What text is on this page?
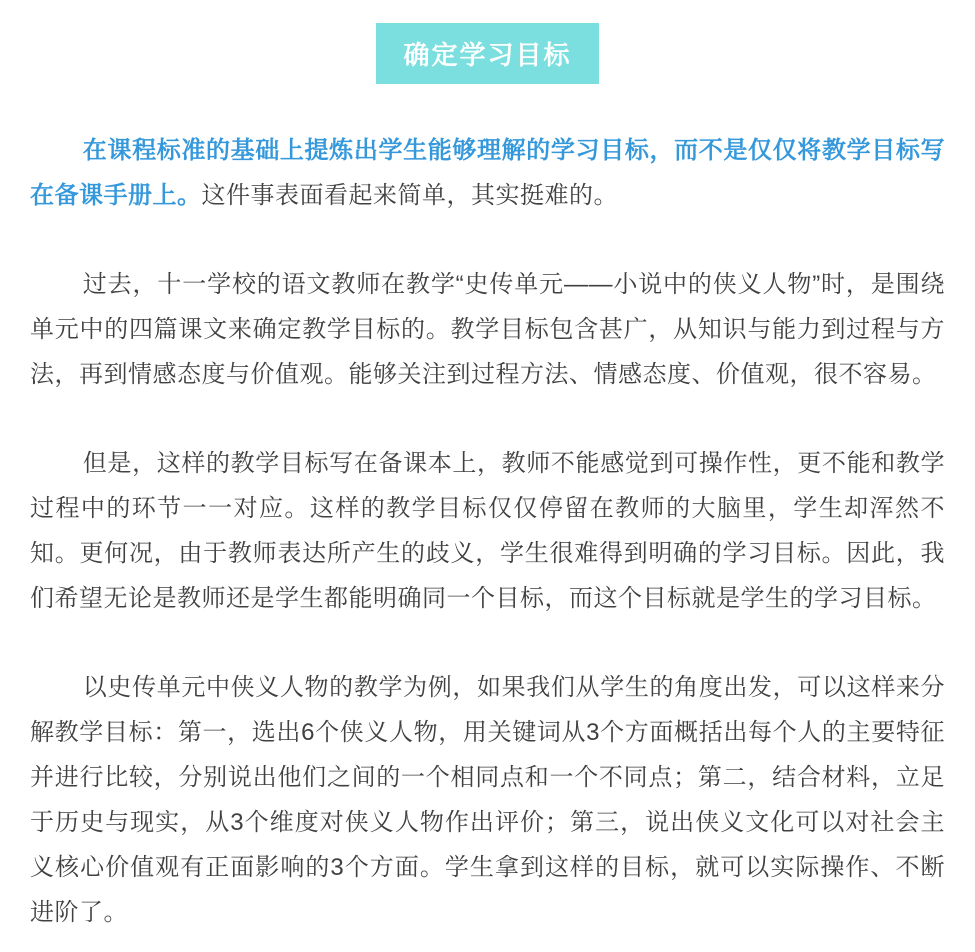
确定学习目标

在课程标准的基础上提炼出学生能够理解的学习目标，而不是仅仅将教学目标写在备课手册上。这件事表面看起来简单，其实挺难的。

过去，十一学校的语文教师在教学“史传单元——小说中的侠义人物”时，是围绕单元中的四篇课文来确定教学目标的。教学目标包含甚广，从知识与能力到过程与方法，再到情感态度与价值观。能够关注到过程方法、情感态度、价值观，很不容易。

但是，这样的教学目标写在备课本上，教师不能感觉到可操作性，更不能和教学过程中的环节一一对应。这样的教学目标仅仅停留在教师的大脑里，学生却浑然不知。更何况，由于教师表达所产生的歧义，学生很难得到明确的学习目标。因此，我们希望无论是教师还是学生都能明确同一个目标，而这个目标就是学生的学习目标。

以史传单元中侠义人物的教学为例，如果我们从学生的角度出发，可以这样来分解教学目标：第一，选出6个侠义人物，用关键词从3个方面概括出每个人的主要特征并进行比较，分别说出他们之间的一个相同点和一个不同点；第二，结合材料，立足于历史与现实，从3个维度对侠义人物作出评价；第三，说出侠义文化可以对社会主义核心价值观有正面影响的3个方面。学生拿到这样的目标，就可以实际操作、不断进阶了。
